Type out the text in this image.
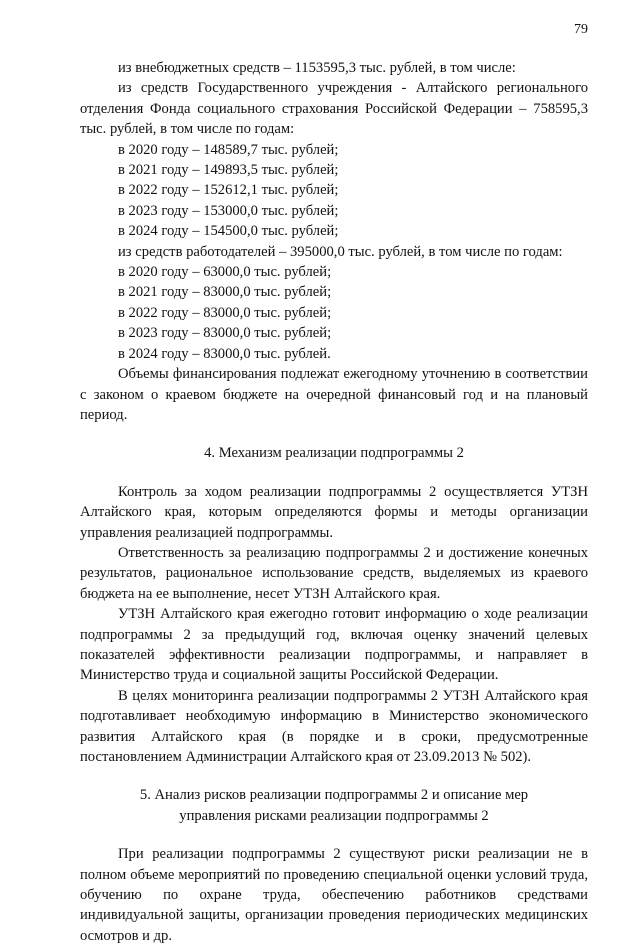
79

из внебюджетных средств – 1153595,3 тыс. рублей, в том числе:

из средств Государственного учреждения - Алтайского регионального отделения Фонда социального страхования Российской Федерации – 758595,3 тыс. рублей, в том числе по годам:

в 2020 году – 148589,7 тыс. рублей;

в 2021 году – 149893,5 тыс. рублей;

в 2022 году – 152612,1 тыс. рублей;

в 2023 году – 153000,0 тыс. рублей;

в 2024 году – 154500,0 тыс. рублей;

из средств работодателей – 395000,0 тыс. рублей, в том числе по годам:

в 2020 году – 63000,0 тыс. рублей;

в 2021 году – 83000,0 тыс. рублей;

в 2022 году – 83000,0 тыс. рублей;

в 2023 году – 83000,0 тыс. рублей;

в 2024 году – 83000,0 тыс. рублей.

Объемы финансирования подлежат ежегодному уточнению в соответствии с законом о краевом бюджете на очередной финансовый год и на плановый период.

4. Механизм реализации подпрограммы 2

Контроль за ходом реализации подпрограммы 2 осуществляется УТЗН Алтайского края, которым определяются формы и методы организации управления реализацией подпрограммы.

Ответственность за реализацию подпрограммы 2 и достижение конечных результатов, рациональное использование средств, выделяемых из краевого бюджета на ее выполнение, несет УТЗН Алтайского края.

УТЗН Алтайского края ежегодно готовит информацию о ходе реализации подпрограммы 2 за предыдущий год, включая оценку значений целевых показателей эффективности реализации подпрограммы, и направляет в Министерство труда и социальной защиты Российской Федерации.

В целях мониторинга реализации подпрограммы 2 УТЗН Алтайского края подготавливает необходимую информацию в Министерство экономического развития Алтайского края (в порядке и в сроки, предусмотренные постановлением Администрации Алтайского края от 23.09.2013 № 502).

5. Анализ рисков реализации подпрограммы 2 и описание мер

управления рисками реализации подпрограммы 2

При реализации подпрограммы 2 существуют риски реализации не в полном объеме мероприятий по проведению специальной оценки условий труда, обучению по охране труда, обеспечению работников средствами индивидуальной защиты, организации проведения периодических медицинских осмотров и др.
